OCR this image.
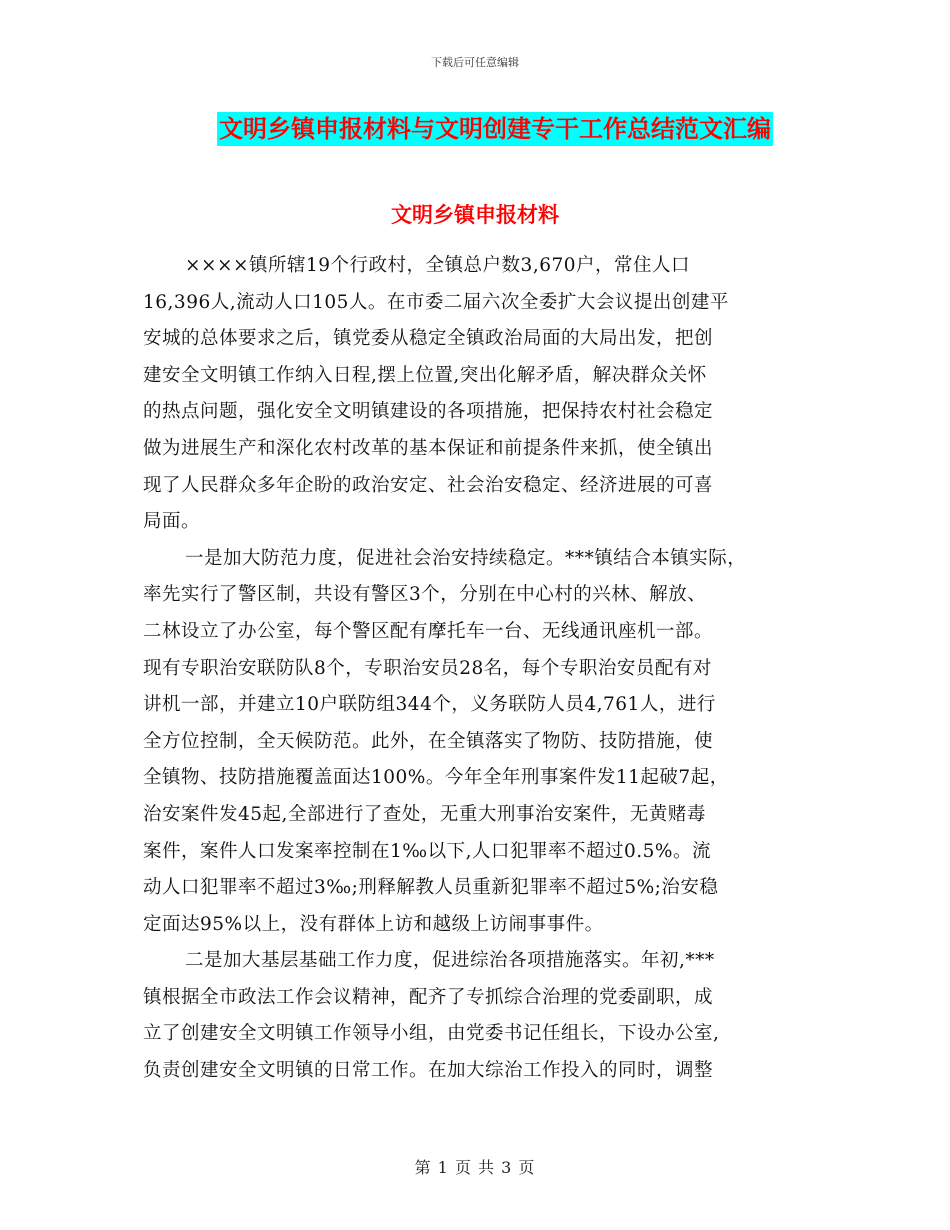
下载后可任意编辑
文明乡镇申报材料与文明创建专干工作总结范文汇编
文明乡镇申报材料
××××镇所辖19个行政村，全镇总户数3,670户，常住人口
16,396人,流动人口105人。在市委二届六次全委扩大会议提出创建平
安城的总体要求之后，镇党委从稳定全镇政治局面的大局出发，把创
建安全文明镇工作纳入日程,摆上位置,突出化解矛盾，解决群众关怀
的热点问题，强化安全文明镇建设的各项措施，把保持农村社会稳定
做为进展生产和深化农村改革的基本保证和前提条件来抓，使全镇出
现了人民群众多年企盼的政治安定、社会治安稳定、经济进展的可喜
局面。
一是加大防范力度，促进社会治安持续稳定。***镇结合本镇实际，
率先实行了警区制，共设有警区3个，分别在中心村的兴林、解放、
二林设立了办公室，每个警区配有摩托车一台、无线通讯座机一部。
现有专职治安联防队8个，专职治安员28名，每个专职治安员配有对
讲机一部，并建立10户联防组344个，义务联防人员4,761人，进行
全方位控制，全天候防范。此外，在全镇落实了物防、技防措施，使
全镇物、技防措施覆盖面达100%。今年全年刑事案件发11起破7起，
治安案件发45起,全部进行了查处，无重大刑事治安案件，无黄赌毒
案件，案件人口发案率控制在1‰以下,人口犯罪率不超过0.5%。流
动人口犯罪率不超过3‰;刑释解教人员重新犯罪率不超过5%;治安稳
定面达95%以上，没有群体上访和越级上访闹事事件。
二是加大基层基础工作力度，促进综治各项措施落实。年初,***
镇根据全市政法工作会议精神，配齐了专抓综合治理的党委副职，成
立了创建安全文明镇工作领导小组，由党委书记任组长，下设办公室,
负责创建安全文明镇的日常工作。在加大综治工作投入的同时，调整
第 1 页 共 3 页
